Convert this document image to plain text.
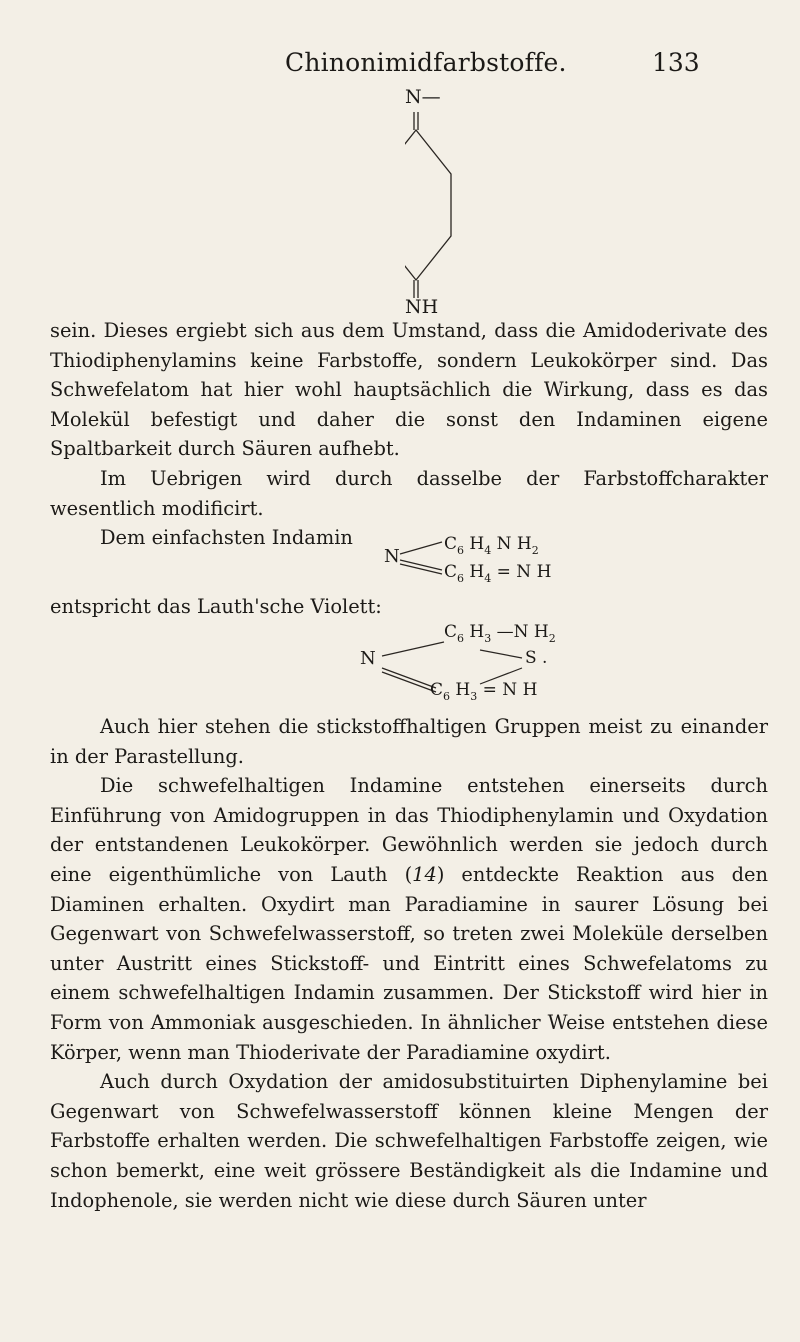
Chinonimidfarbstoffe.	133
N—
NH

sein. Dieses ergiebt sich aus dem Umstand, dass die Amidoderivate des Thiodiphenylamins keine Farbstoffe, sondern Leukokörper sind. Das Schwefelatom hat hier wohl hauptsächlich die Wirkung, dass es das Molekül befestigt und daher die sonst den Indaminen eigene Spaltbarkeit durch Säuren aufhebt.

Im Uebrigen wird durch dasselbe der Farbstoffcharakter wesentlich modificirt.

Dem einfachsten Indamin

N
$C_6$ $H_4$ N $H_2$
$C_6$ $H_4 = N$ H

entspricht das Lauth'sche Violett:

$C_6$ $H_3$ —N $H_2$
N	S .
$C_6$ $H_3 = N$ H

Auch hier stehen die stickstoffhaltigen Gruppen meist zu einander in der Parastellung.

Die schwefelhaltigen Indamine entstehen einerseits durch Einführung von Amidogruppen in das Thiodiphenylamin und Oxydation der entstandenen Leukokörper. Gewöhnlich werden sie jedoch durch eine eigenthümliche von Lauth (14) entdeckte Reaktion aus den Diaminen erhalten. Oxydirt man Paradiamine in saurer Lösung bei Gegenwart von Schwefelwasserstoff, so treten zwei Moleküle derselben unter Austritt eines Stickstoff- und Eintritt eines Schwefelatoms zu einem schwefelhaltigen Indamin zusammen. Der Stickstoff wird hier in Form von Ammoniak ausgeschieden. In ähnlicher Weise entstehen diese Körper, wenn man Thioderivate der Paradiamine oxydirt.

Auch durch Oxydation der amidosubstituirten Diphenylamine bei Gegenwart von Schwefelwasserstoff können kleine Mengen der Farbstoffe erhalten werden. Die schwefelhaltigen Farbstoffe zeigen, wie schon bemerkt, eine weit grössere Beständigkeit als die Indamine und Indophenole, sie werden nicht wie diese durch Säuren unter
